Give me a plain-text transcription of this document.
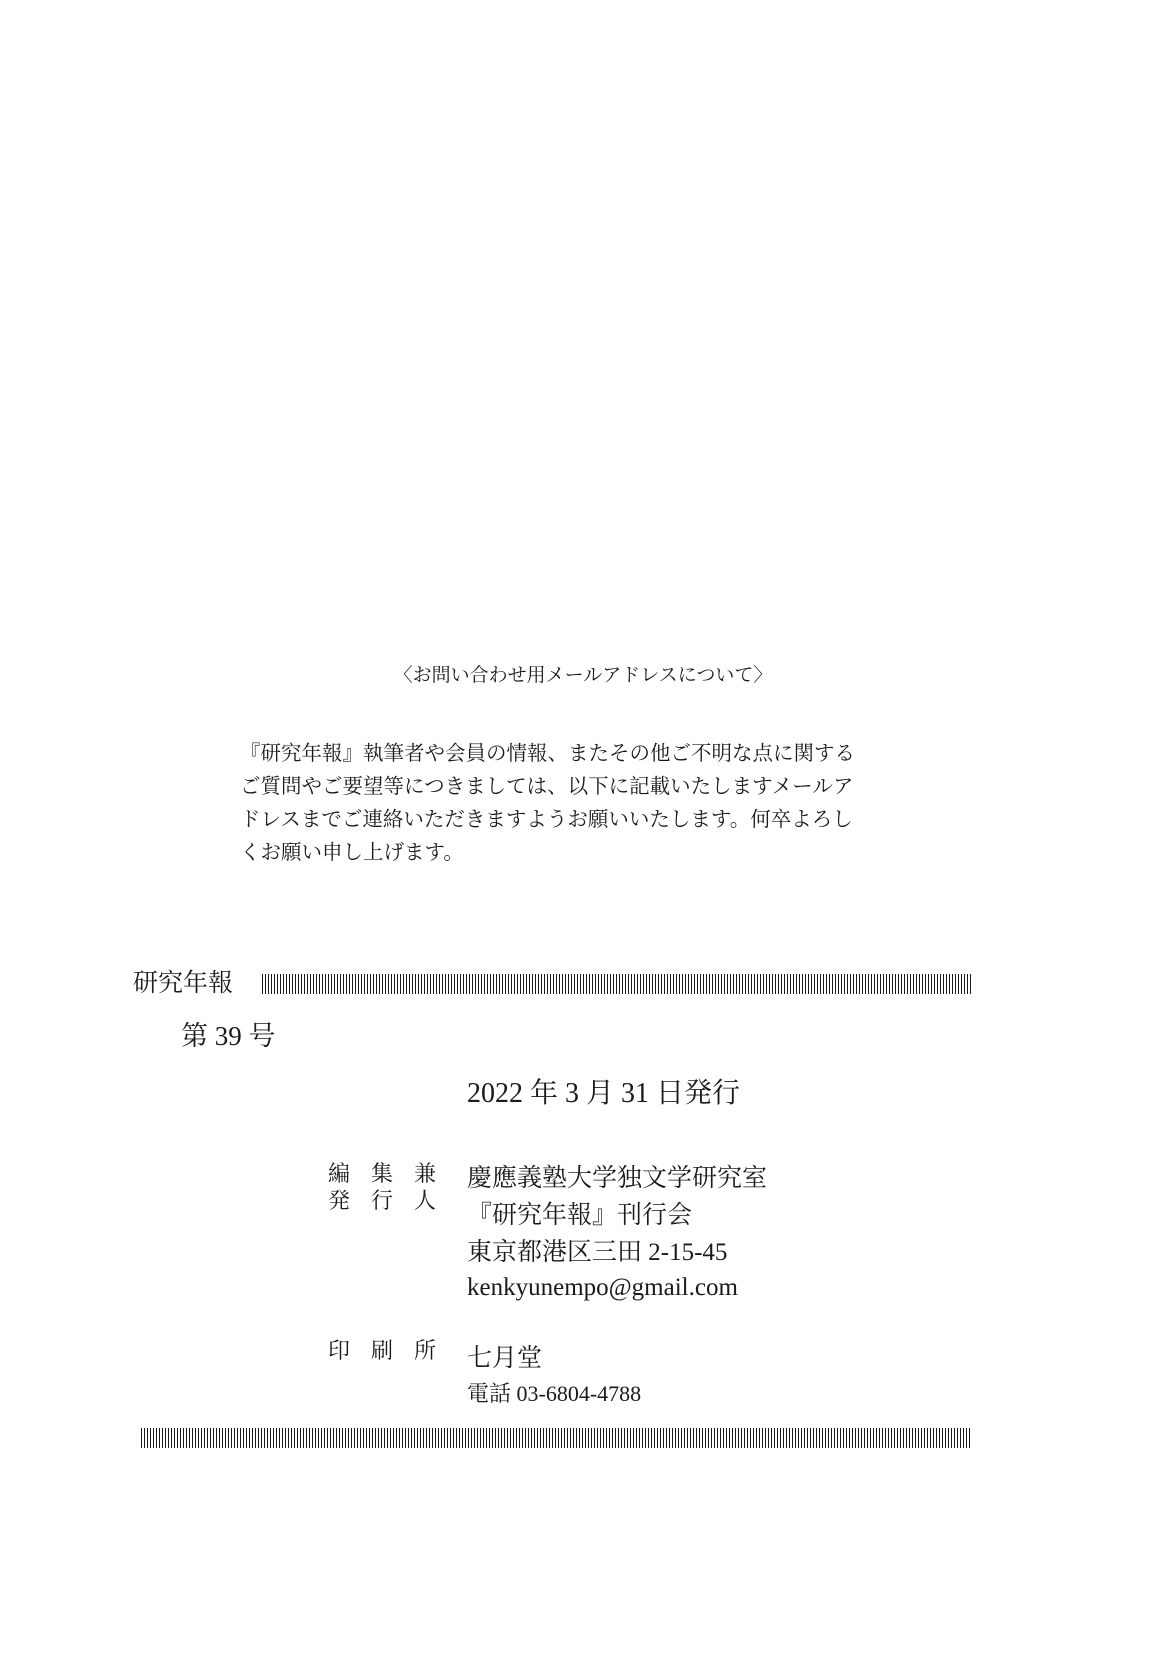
〈お問い合わせ用メールアドレスについて〉
『研究年報』執筆者や会員の情報、またその他ご不明な点に関する
ご質問やご要望等につきましては、以下に記載いたしますメールア
ドレスまでご連絡いただきますようお願いいたします。何卒よろし
くお願い申し上げます。
研究年報
第 39 号
2022 年 3 月 31 日発行
編 集 兼
発 行 人
慶應義塾大学独文学研究室
『研究年報』刊行会
東京都港区三田 2-15-45
kenkyunempo@gmail.com
印 刷 所 七月堂
電話 03-6804-4788
